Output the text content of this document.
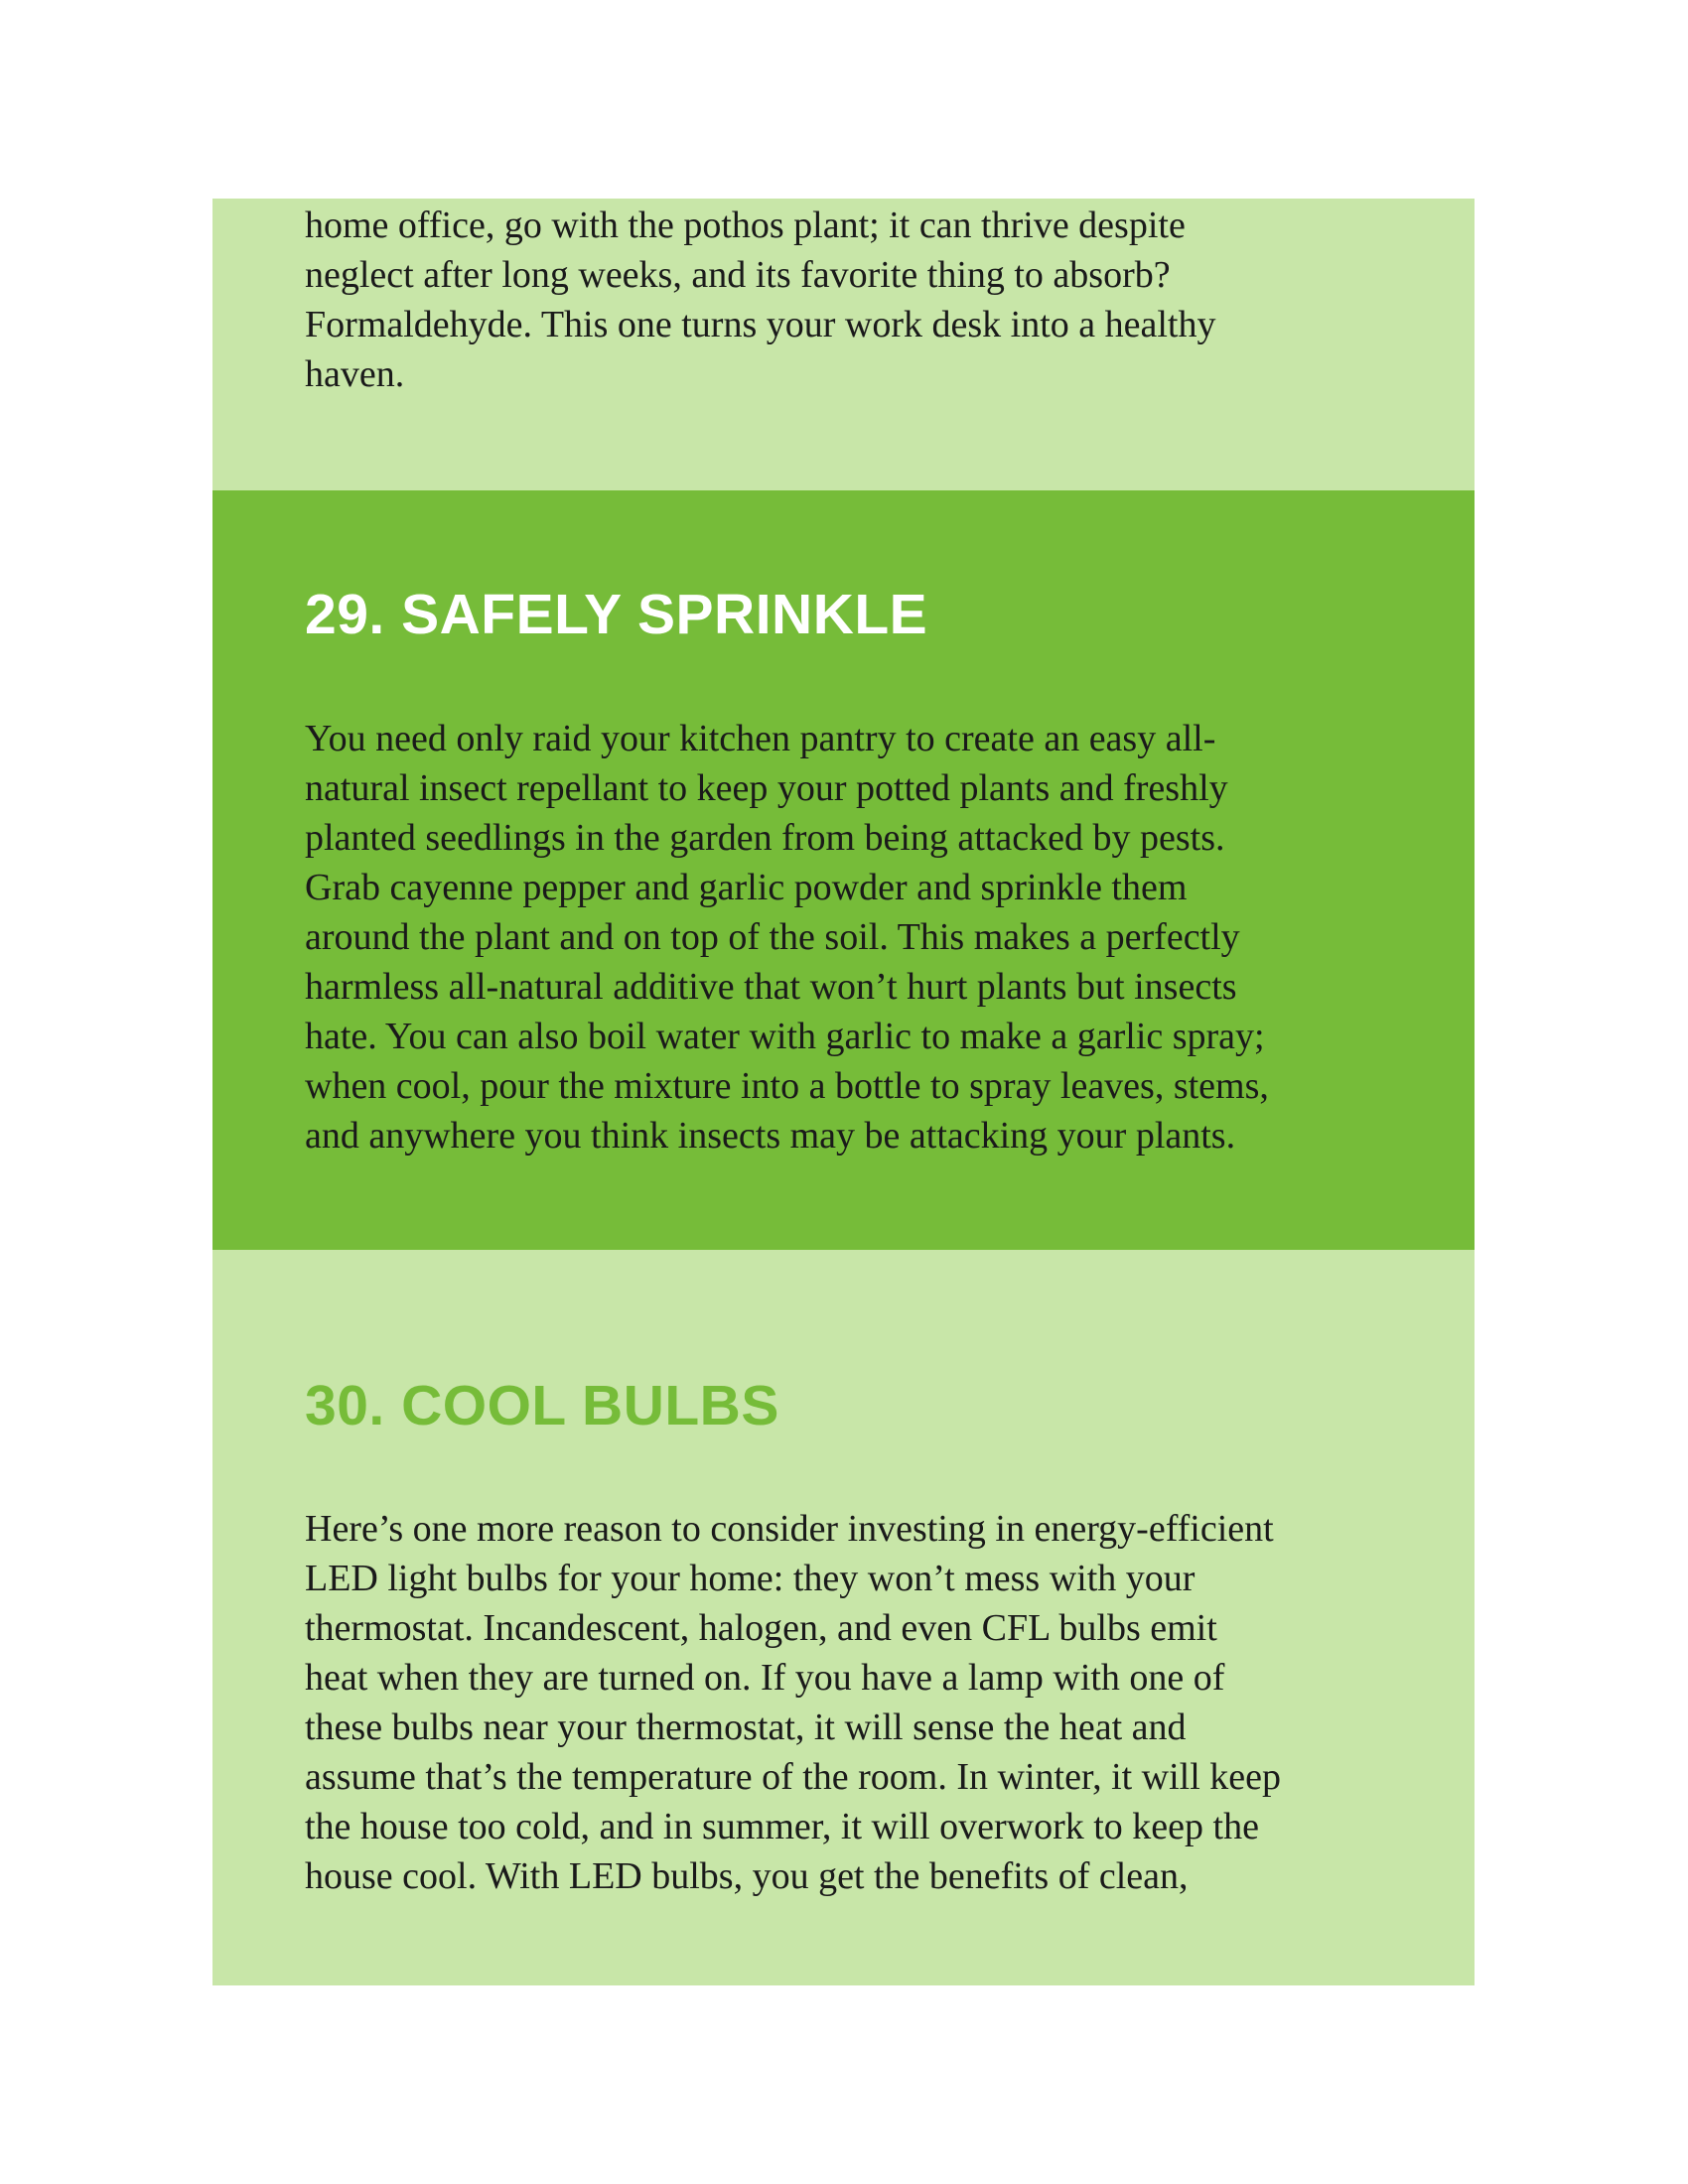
home office, go with the pothos plant; it can thrive despite
neglect after long weeks, and its favorite thing to absorb?
Formaldehyde. This one turns your work desk into a healthy
haven.

29. SAFELY SPRINKLE

You need only raid your kitchen pantry to create an easy all-
natural insect repellant to keep your potted plants and freshly
planted seedlings in the garden from being attacked by pests.
Grab cayenne pepper and garlic powder and sprinkle them
around the plant and on top of the soil. This makes a perfectly
harmless all-natural additive that won’t hurt plants but insects
hate. You can also boil water with garlic to make a garlic spray;
when cool, pour the mixture into a bottle to spray leaves, stems,
and anywhere you think insects may be attacking your plants.

30. COOL BULBS

Here’s one more reason to consider investing in energy-efficient
LED light bulbs for your home: they won’t mess with your
thermostat. Incandescent, halogen, and even CFL bulbs emit
heat when they are turned on. If you have a lamp with one of
these bulbs near your thermostat, it will sense the heat and
assume that’s the temperature of the room. In winter, it will keep
the house too cold, and in summer, it will overwork to keep the
house cool. With LED bulbs, you get the benefits of clean,
